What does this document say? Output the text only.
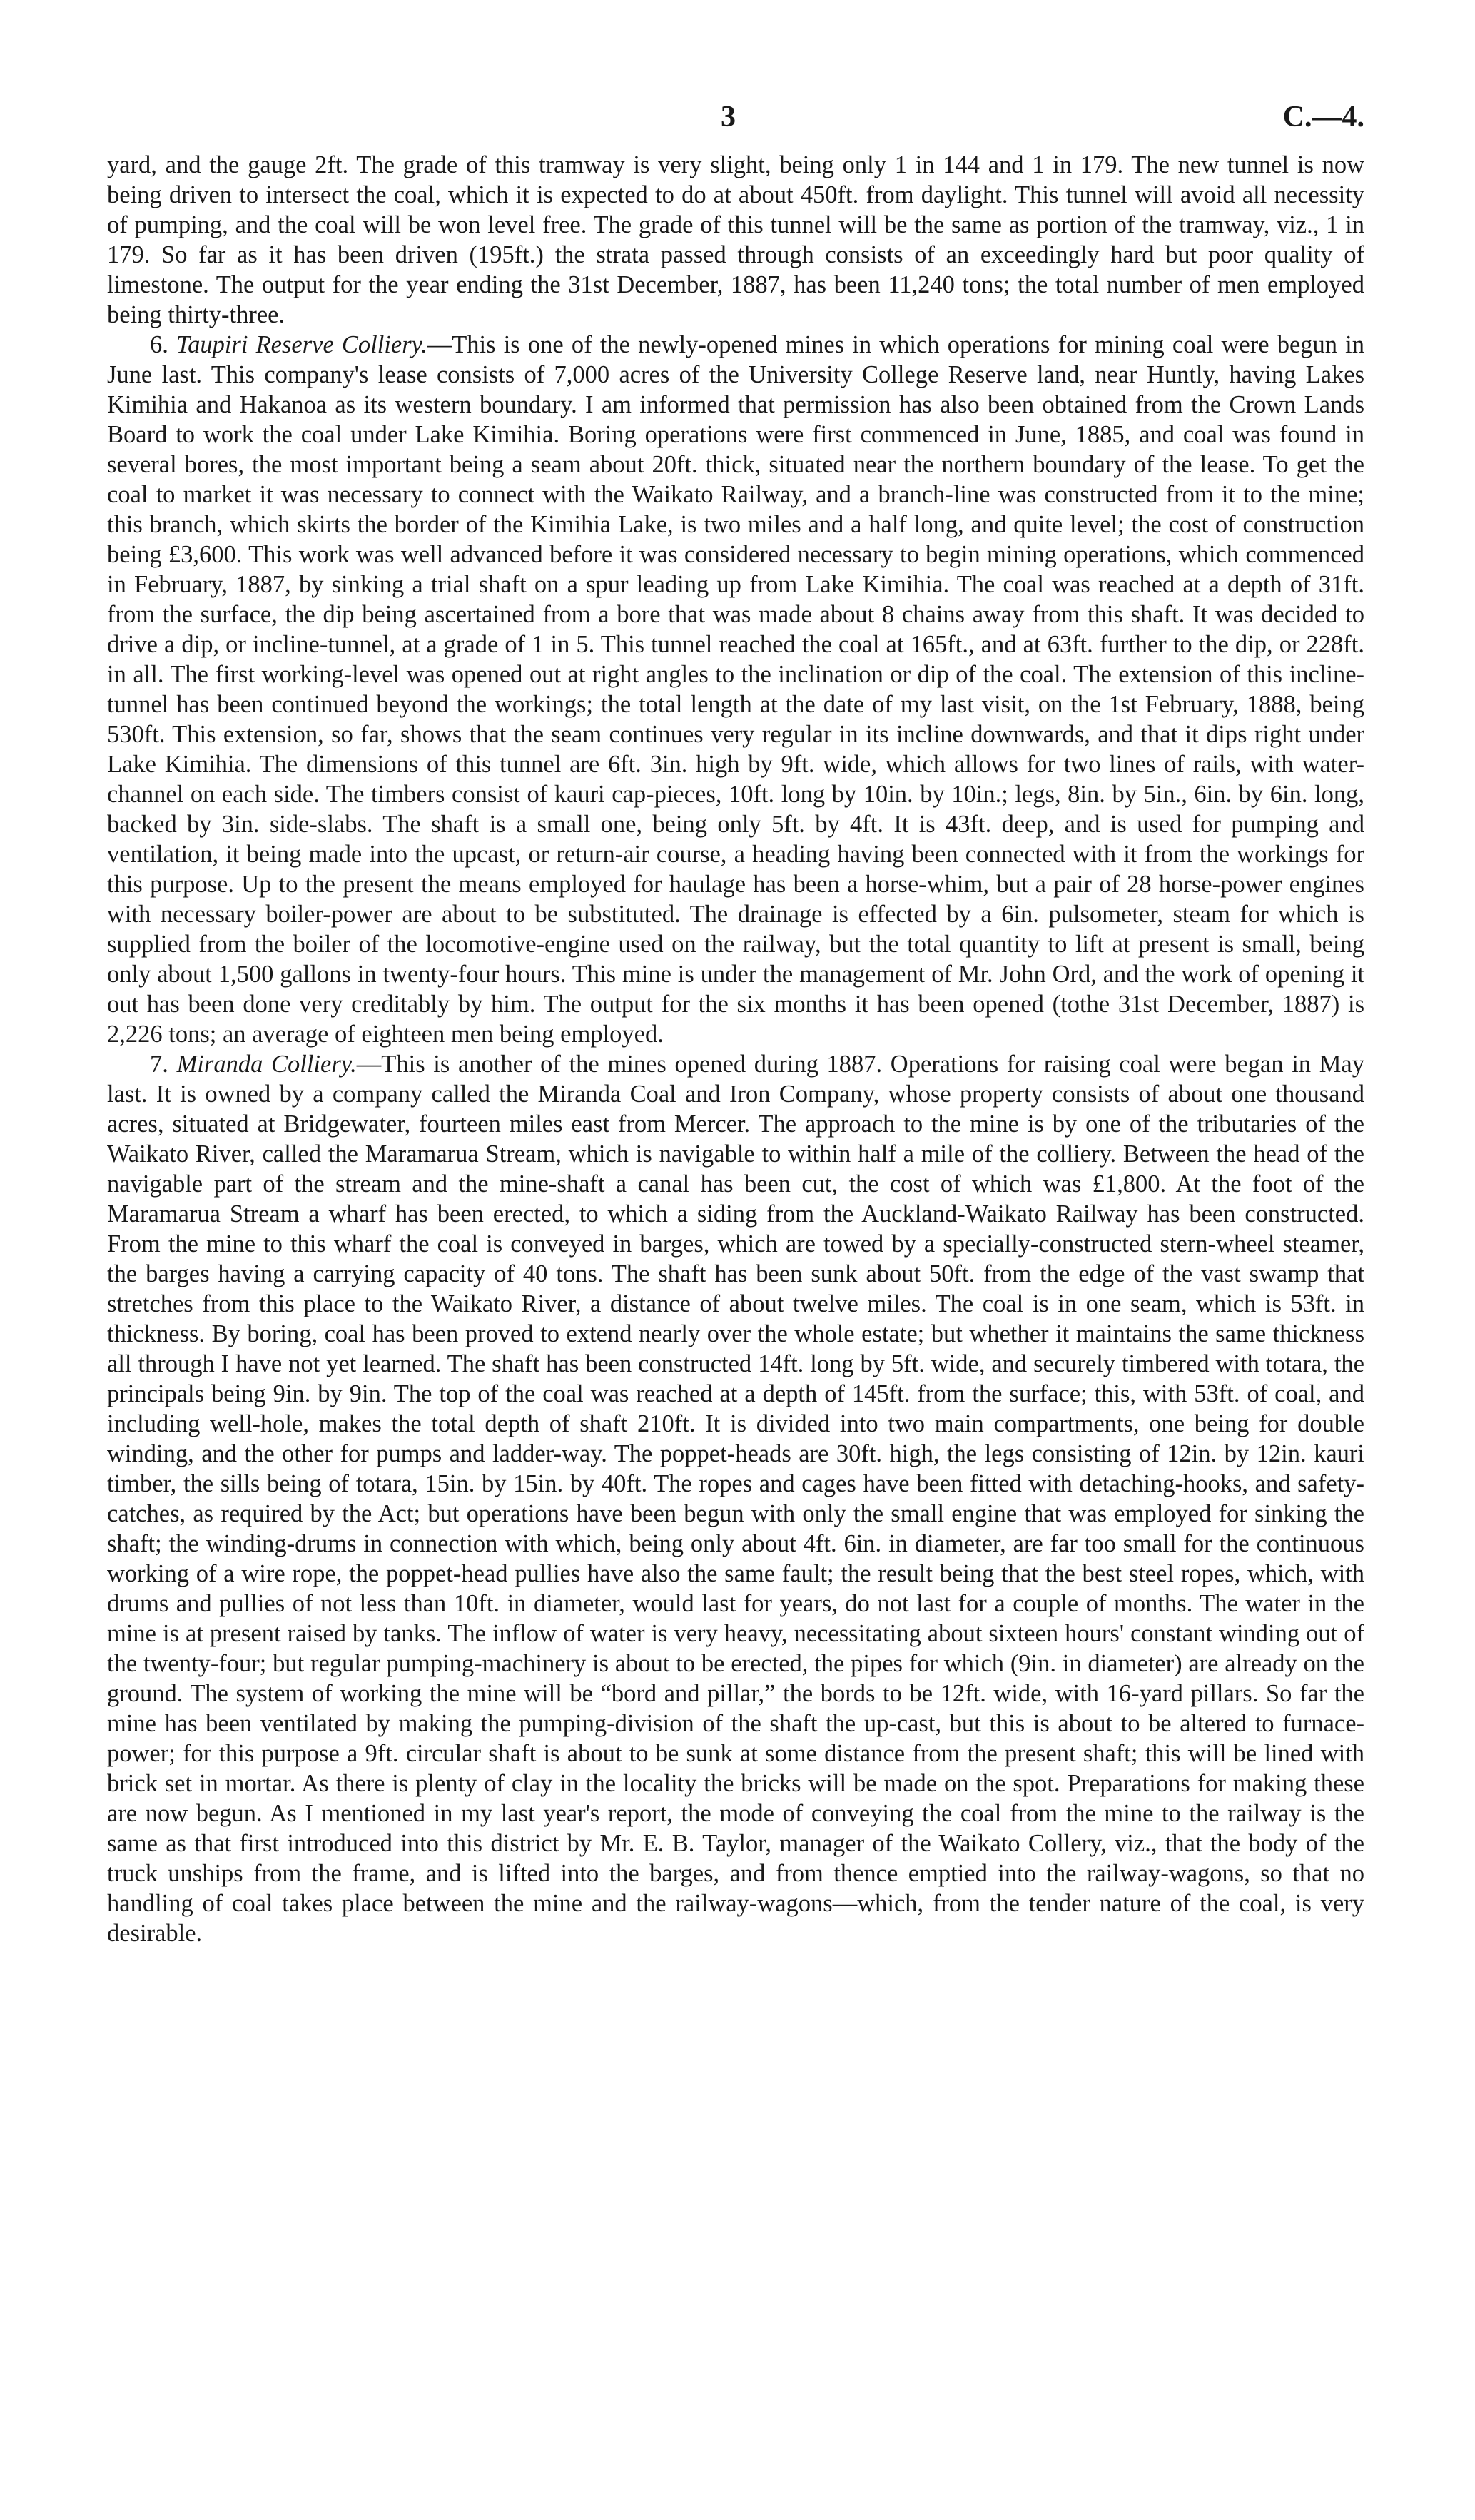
3	C.—4.

yard, and the gauge 2ft. The grade of this tramway is very slight, being only 1 in 144 and 1 in 179. The new tunnel is now being driven to intersect the coal, which it is expected to do at about 450ft. from daylight. This tunnel will avoid all necessity of pumping, and the coal will be won level free. The grade of this tunnel will be the same as portion of the tramway, viz., 1 in 179. So far as it has been driven (195ft.) the strata passed through consists of an exceedingly hard but poor quality of limestone. The output for the year ending the 31st December, 1887, has been 11,240 tons; the total number of men employed being thirty-three.

6. Taupiri Reserve Colliery.—This is one of the newly-opened mines in which operations for mining coal were begun in June last. This company's lease consists of 7,000 acres of the University College Reserve land, near Huntly, having Lakes Kimihia and Hakanoa as its western boundary. I am informed that permission has also been obtained from the Crown Lands Board to work the coal under Lake Kimihia. Boring operations were first commenced in June, 1885, and coal was found in several bores, the most important being a seam about 20ft. thick, situated near the northern boundary of the lease. To get the coal to market it was necessary to connect with the Waikato Railway, and a branch-line was constructed from it to the mine; this branch, which skirts the border of the Kimihia Lake, is two miles and a half long, and quite level; the cost of construction being £3,600. This work was well advanced before it was considered necessary to begin mining operations, which commenced in February, 1887, by sinking a trial shaft on a spur leading up from Lake Kimihia. The coal was reached at a depth of 31ft. from the surface, the dip being ascertained from a bore that was made about 8 chains away from this shaft. It was decided to drive a dip, or incline-tunnel, at a grade of 1 in 5. This tunnel reached the coal at 165ft., and at 63ft. further to the dip, or 228ft. in all. The first working-level was opened out at right angles to the inclination or dip of the coal. The extension of this incline-tunnel has been continued beyond the workings; the total length at the date of my last visit, on the 1st February, 1888, being 530ft. This extension, so far, shows that the seam continues very regular in its incline downwards, and that it dips right under Lake Kimihia. The dimensions of this tunnel are 6ft. 3in. high by 9ft. wide, which allows for two lines of rails, with water-channel on each side. The timbers consist of kauri cap-pieces, 10ft. long by 10in. by 10in.; legs, 8in. by 5in., 6in. by 6in. long, backed by 3in. side-slabs. The shaft is a small one, being only 5ft. by 4ft. It is 43ft. deep, and is used for pumping and ventilation, it being made into the upcast, or return-air course, a heading having been connected with it from the workings for this purpose. Up to the present the means employed for haulage has been a horse-whim, but a pair of 28 horse-power engines with necessary boiler-power are about to be substituted. The drainage is effected by a 6in. pulsometer, steam for which is supplied from the boiler of the locomotive-engine used on the railway, but the total quantity to lift at present is small, being only about 1,500 gallons in twenty-four hours. This mine is under the management of Mr. John Ord, and the work of opening it out has been done very creditably by him. The output for the six months it has been opened (tothe 31st December, 1887) is 2,226 tons; an average of eighteen men being employed.

7. Miranda Colliery.—This is another of the mines opened during 1887. Operations for raising coal were began in May last. It is owned by a company called the Miranda Coal and Iron Company, whose property consists of about one thousand acres, situated at Bridgewater, fourteen miles east from Mercer. The approach to the mine is by one of the tributaries of the Waikato River, called the Maramarua Stream, which is navigable to within half a mile of the colliery. Between the head of the navigable part of the stream and the mine-shaft a canal has been cut, the cost of which was £1,800. At the foot of the Maramarua Stream a wharf has been erected, to which a siding from the Auckland-Waikato Railway has been constructed. From the mine to this wharf the coal is conveyed in barges, which are towed by a specially-constructed stern-wheel steamer, the barges having a carrying capacity of 40 tons. The shaft has been sunk about 50ft. from the edge of the vast swamp that stretches from this place to the Waikato River, a distance of about twelve miles. The coal is in one seam, which is 53ft. in thickness. By boring, coal has been proved to extend nearly over the whole estate; but whether it maintains the same thickness all through I have not yet learned. The shaft has been constructed 14ft. long by 5ft. wide, and securely timbered with totara, the principals being 9in. by 9in. The top of the coal was reached at a depth of 145ft. from the surface; this, with 53ft. of coal, and including well-hole, makes the total depth of shaft 210ft. It is divided into two main compartments, one being for double winding, and the other for pumps and ladder-way. The poppet-heads are 30ft. high, the legs consisting of 12in. by 12in. kauri timber, the sills being of totara, 15in. by 15in. by 40ft. The ropes and cages have been fitted with detaching-hooks, and safety-catches, as required by the Act; but operations have been begun with only the small engine that was employed for sinking the shaft; the winding-drums in connection with which, being only about 4ft. 6in. in diameter, are far too small for the continuous working of a wire rope, the poppet-head pullies have also the same fault; the result being that the best steel ropes, which, with drums and pullies of not less than 10ft. in diameter, would last for years, do not last for a couple of months. The water in the mine is at present raised by tanks. The inflow of water is very heavy, necessitating about sixteen hours' constant winding out of the twenty-four; but regular pumping-machinery is about to be erected, the pipes for which (9in. in diameter) are already on the ground. The system of working the mine will be “bord and pillar,” the bords to be 12ft. wide, with 16-yard pillars. So far the mine has been ventilated by making the pumping-division of the shaft the up-cast, but this is about to be altered to furnace-power; for this purpose a 9ft. circular shaft is about to be sunk at some distance from the present shaft; this will be lined with brick set in mortar. As there is plenty of clay in the locality the bricks will be made on the spot. Preparations for making these are now begun. As I mentioned in my last year's report, the mode of conveying the coal from the mine to the railway is the same as that first introduced into this district by Mr. E. B. Taylor, manager of the Waikato Collery, viz., that the body of the truck unships from the frame, and is lifted into the barges, and from thence emptied into the railway-wagons, so that no handling of coal takes place between the mine and the railway-wagons—which, from the tender nature of the coal, is very desirable.
